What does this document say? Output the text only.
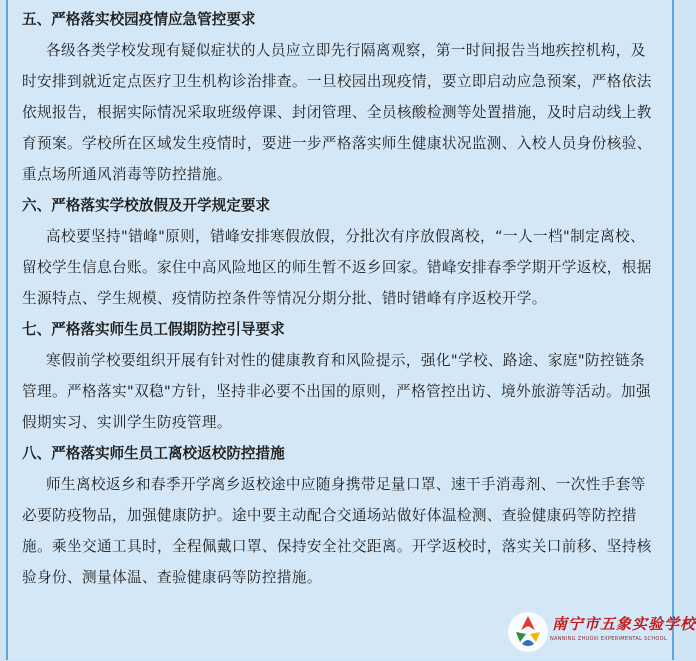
五、严格落实校园疫情应急管控要求

各级各类学校发现有疑似症状的人员应立即先行隔离观察，第一时间报告当地疾控机构，及时安排到就近定点医疗卫生机构诊治排查。一旦校园出现疫情，要立即启动应急预案，严格依法依规报告，根据实际情况采取班级停课、封闭管理、全员核酸检测等处置措施，及时启动线上教育预案。学校所在区域发生疫情时，要进一步严格落实师生健康状况监测、入校人员身份核验、重点场所通风消毒等防控措施。

六、严格落实学校放假及开学规定要求

高校要坚持"错峰"原则，错峰安排寒假放假，分批次有序放假离校，“一人一档"制定离校、留校学生信息台账。家住中高风险地区的师生暂不返乡回家。错峰安排春季学期开学返校，根据生源特点、学生规模、疫情防控条件等情况分期分批、错时错峰有序返校开学。

七、严格落实师生员工假期防控引导要求

寒假前学校要组织开展有针对性的健康教育和风险提示，强化"学校、路途、家庭"防控链条管理。严格落实"双稳"方针，坚持非必要不出国的原则，严格管控出访、境外旅游等活动。加强假期实习、实训学生防疫管理。

八、严格落实师生员工离校返校防控措施

师生离校返乡和春季开学离乡返校途中应随身携带足量口罩、速干手消毒剂、一次性手套等必要防疫物品，加强健康防护。途中要主动配合交通场站做好体温检测、查验健康码等防控措施。乘坐交通工具时，全程佩戴口罩、保持安全社交距离。开学返校时，落实关口前移、坚持核验身份、测量体温、查验健康码等防控措施。

南宁市五象实验学校
NANNING ZHUOXI EXPERIMENTAL SCHOOL
